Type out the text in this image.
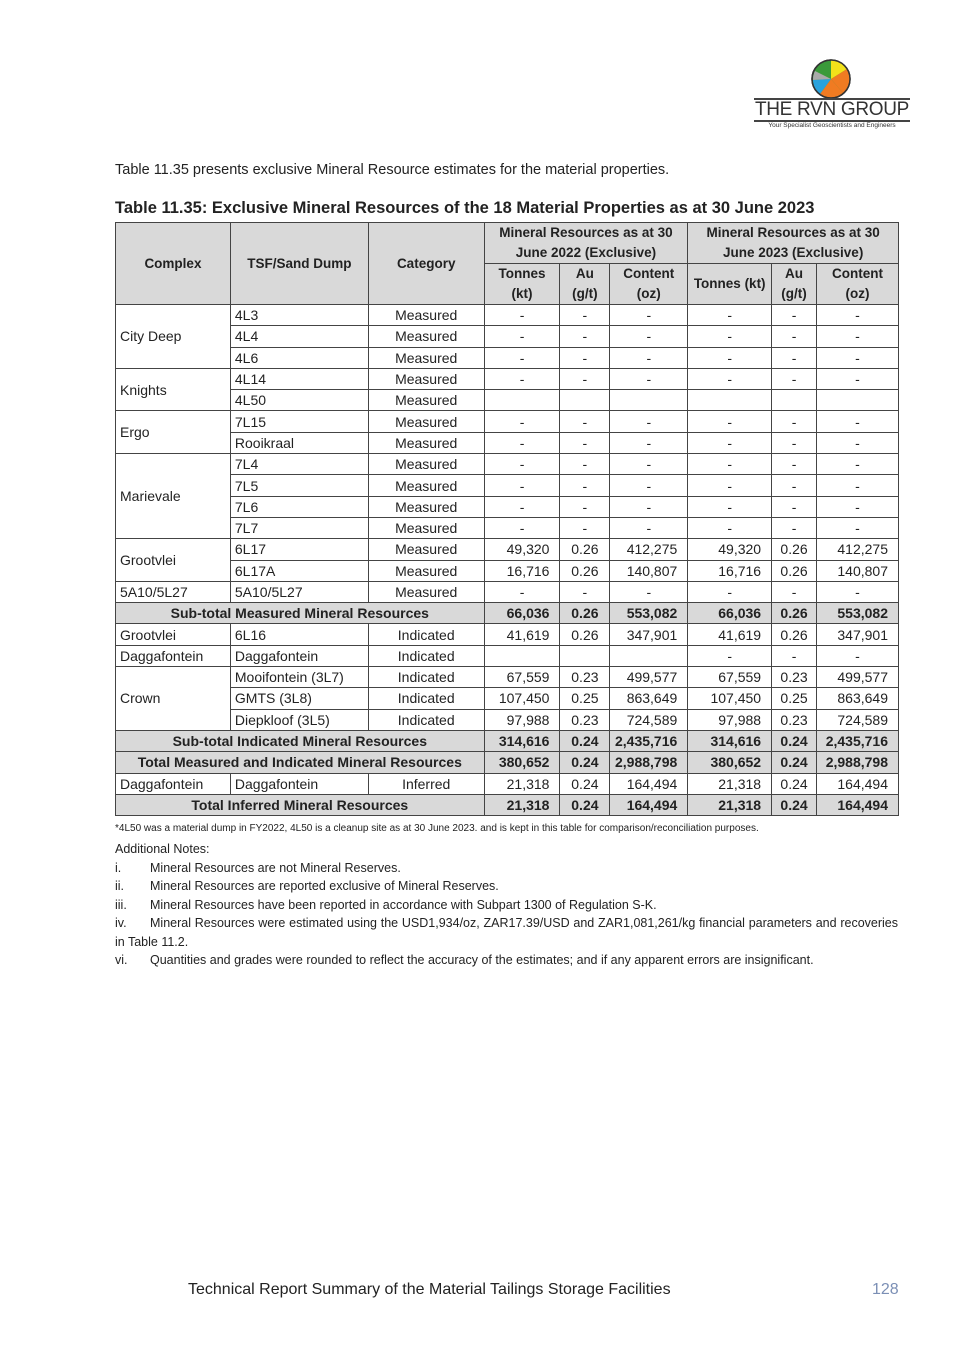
THE RVN GROUP
Your Specialist Geoscientists and Engineers
Table 11.35 presents exclusive Mineral Resource estimates for the material properties.
Table 11.35: Exclusive Mineral Resources of the 18 Material Properties as at 30 June 2023
Complex	TSF/Sand Dump	Category	Mineral Resources as at 30 June 2022 (Exclusive)			Mineral Resources as at 30 June 2023 (Exclusive)		
			Tonnes (kt)	Au (g/t)	Content (oz)	Tonnes (kt)	Au (g/t)	Content (oz)
City Deep	4L3	Measured	-	-	-	-	-	-
	4L4	Measured	-	-	-	-	-	-
	4L6	Measured	-	-	-	-	-	-
Knights	4L14	Measured	-	-	-	-	-	-
	4L50	Measured						
Ergo	7L15	Measured	-	-	-	-	-	-
	Rooikraal	Measured	-	-	-	-	-	-
Marievale	7L4	Measured	-	-	-	-	-	-
	7L5	Measured	-	-	-	-	-	-
	7L6	Measured	-	-	-	-	-	-
	7L7	Measured	-	-	-	-	-	-
Grootvlei	6L17	Measured	49,320	0.26	412,275	49,320	0.26	412,275
	6L17A	Measured	16,716	0.26	140,807	16,716	0.26	140,807
5A10/5L27	5A10/5L27	Measured	-	-	-	-	-	-
Sub-total Measured Mineral Resources			66,036	0.26	553,082	66,036	0.26	553,082
Grootvlei	6L16	Indicated	41,619	0.26	347,901	41,619	0.26	347,901
Daggafontein	Daggafontein	Indicated				-	-	-
Crown	Mooifontein (3L7)	Indicated	67,559	0.23	499,577	67,559	0.23	499,577
	GMTS (3L8)	Indicated	107,450	0.25	863,649	107,450	0.25	863,649
	Diepkloof (3L5)	Indicated	97,988	0.23	724,589	97,988	0.23	724,589
Sub-total Indicated Mineral Resources			314,616	0.24	2,435,716	314,616	0.24	2,435,716
Total Measured and Indicated Mineral Resources			380,652	0.24	2,988,798	380,652	0.24	2,988,798
Daggafontein	Daggafontein	Inferred	21,318	0.24	164,494	21,318	0.24	164,494
Total Inferred Mineral Resources			21,318	0.24	164,494	21,318	0.24	164,494
*4L50 was a material dump in FY2022, 4L50 is a cleanup site as at 30 June 2023. and is kept in this table for comparison/reconciliation purposes.
Additional Notes:
i. Mineral Resources are not Mineral Reserves.
ii. Mineral Resources are reported exclusive of Mineral Reserves.
iii. Mineral Resources have been reported in accordance with Subpart 1300 of Regulation S-K.
iv. Mineral Resources were estimated using the USD1,934/oz, ZAR17.39/USD and ZAR1,081,261/kg financial parameters and recoveries in Table 11.2.
vi. Quantities and grades were rounded to reflect the accuracy of the estimates; and if any apparent errors are insignificant.
Technical Report Summary of the Material Tailings Storage Facilities	128
